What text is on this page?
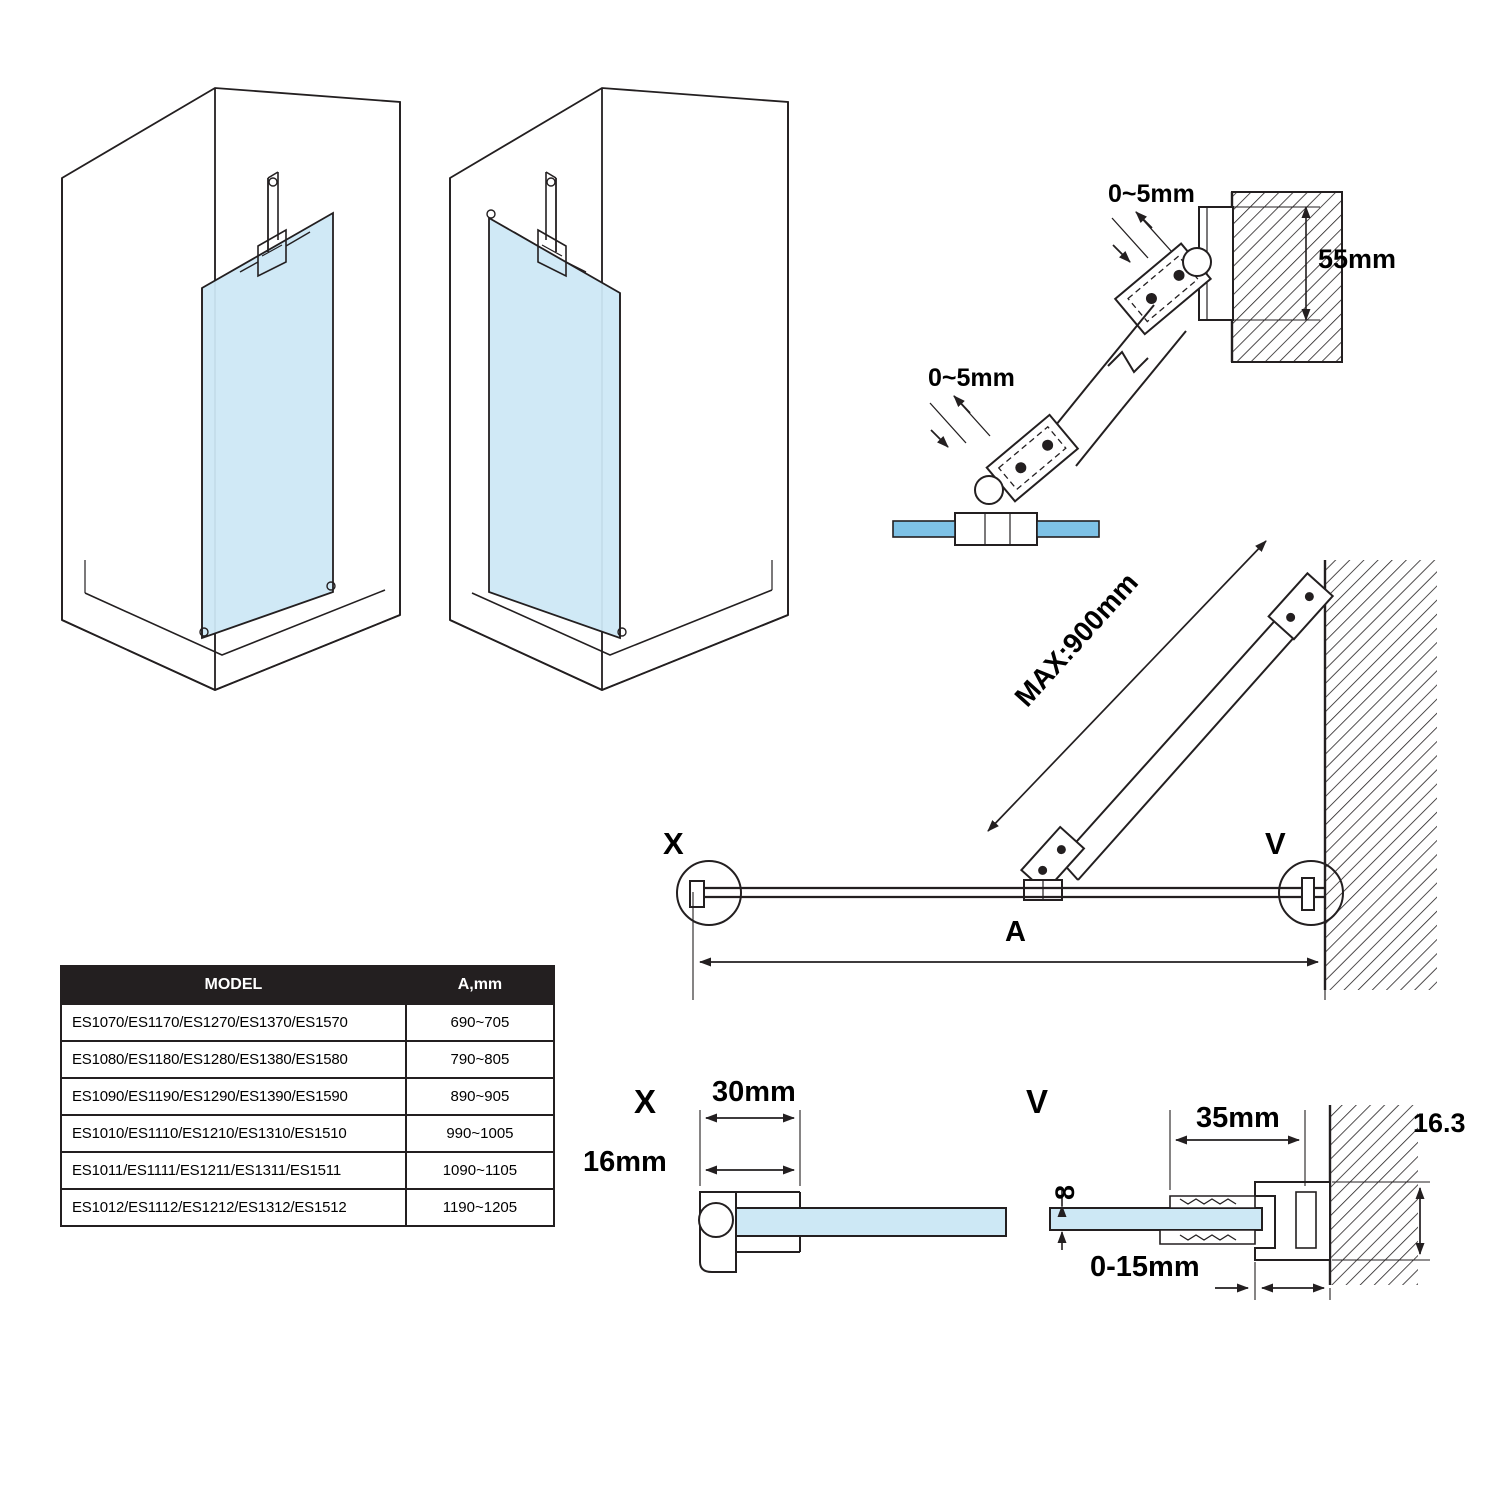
0~5mm
0~5mm
55mm
MAX:900mm
A
X	V
X 30mm
16mm
V	35mm
8
16.3
0-15mm
MODEL	A,mm
ES1070/ES1170/ES1270/ES1370/ES1570	690~705
ES1080/ES1180/ES1280/ES1380/ES1580	790~805
ES1090/ES1190/ES1290/ES1390/ES1590	890~905
ES1010/ES1110/ES1210/ES1310/ES1510	990~1005
ES1011/ES1111/ES1211/ES1311/ES1511	1090~1105
ES1012/ES1112/ES1212/ES1312/ES1512	1190~1205
